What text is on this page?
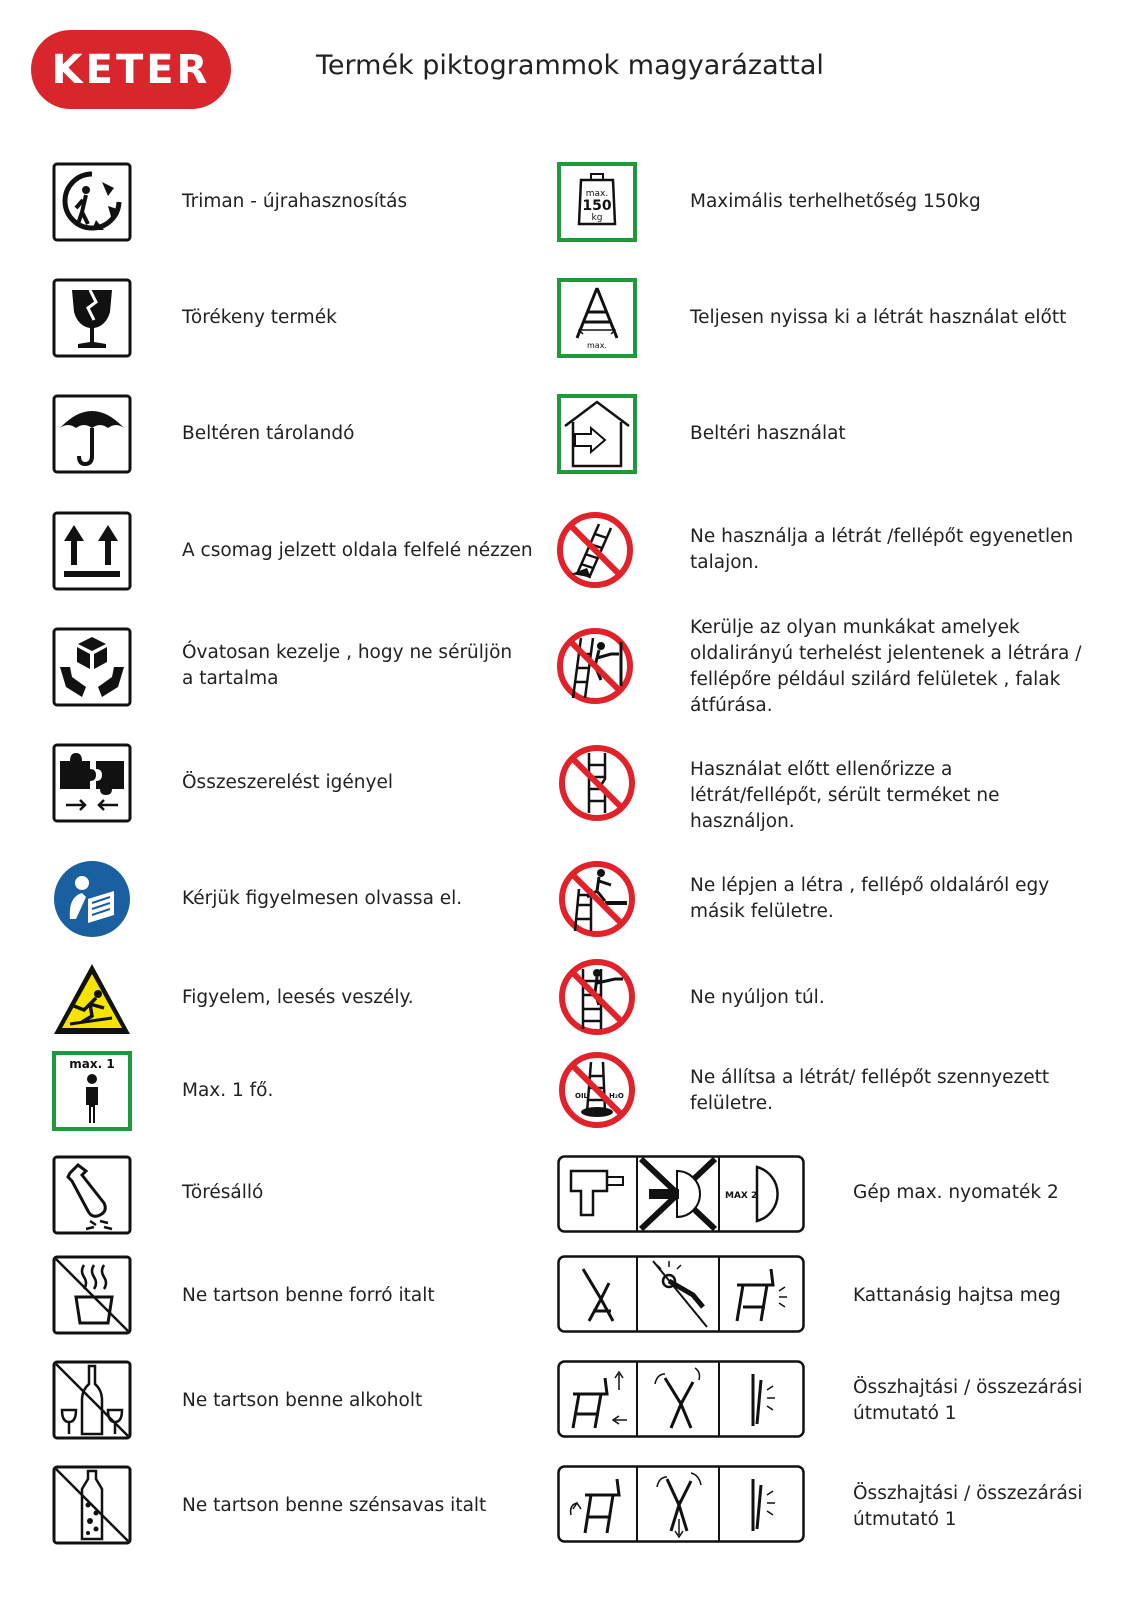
KETER	Termék piktogrammok magyarázattal
Triman - újrahasznosítás
Törékeny termék
Beltéren tárolandó
A csomag jelzett oldala felfelé nézzen
Óvatosan kezelje , hogy ne sérüljön a tartalma
Összeszerelést igényel
Kérjük figyelmesen olvassa el.
Figyelem, leesés veszély.
max. 1
Max. 1 fő.
Törésálló
Ne tartson benne forró italt
Ne tartson benne alkoholt
Ne tartson benne szénsavas italt
max.
150
kg
Maximális terhelhetőség 150kg
max.
Teljesen nyissa ki a létrát használat előtt
Beltéri használat
Ne használja a létrát /fellépőt egyenetlen talajon.
Kerülje az olyan munkákat amelyek oldalirányú terhelést jelentenek a létrára / fellépőre például szilárd felületek , falak átfúrása.
Használat előtt ellenőrizze a létrát/fellépőt, sérült terméket ne használjon.
Ne lépjen a létra , fellépő oldaláról egy másik felületre.
Ne nyúljon túl.
OIL	H₂O
Ne állítsa a létrát/ fellépőt szennyezett felületre.
MAX 2	Gép max. nyomaték 2
Kattanásig hajtsa meg
Összhajtási / összezárási útmutató 1
Összhajtási / összezárási útmutató 1
